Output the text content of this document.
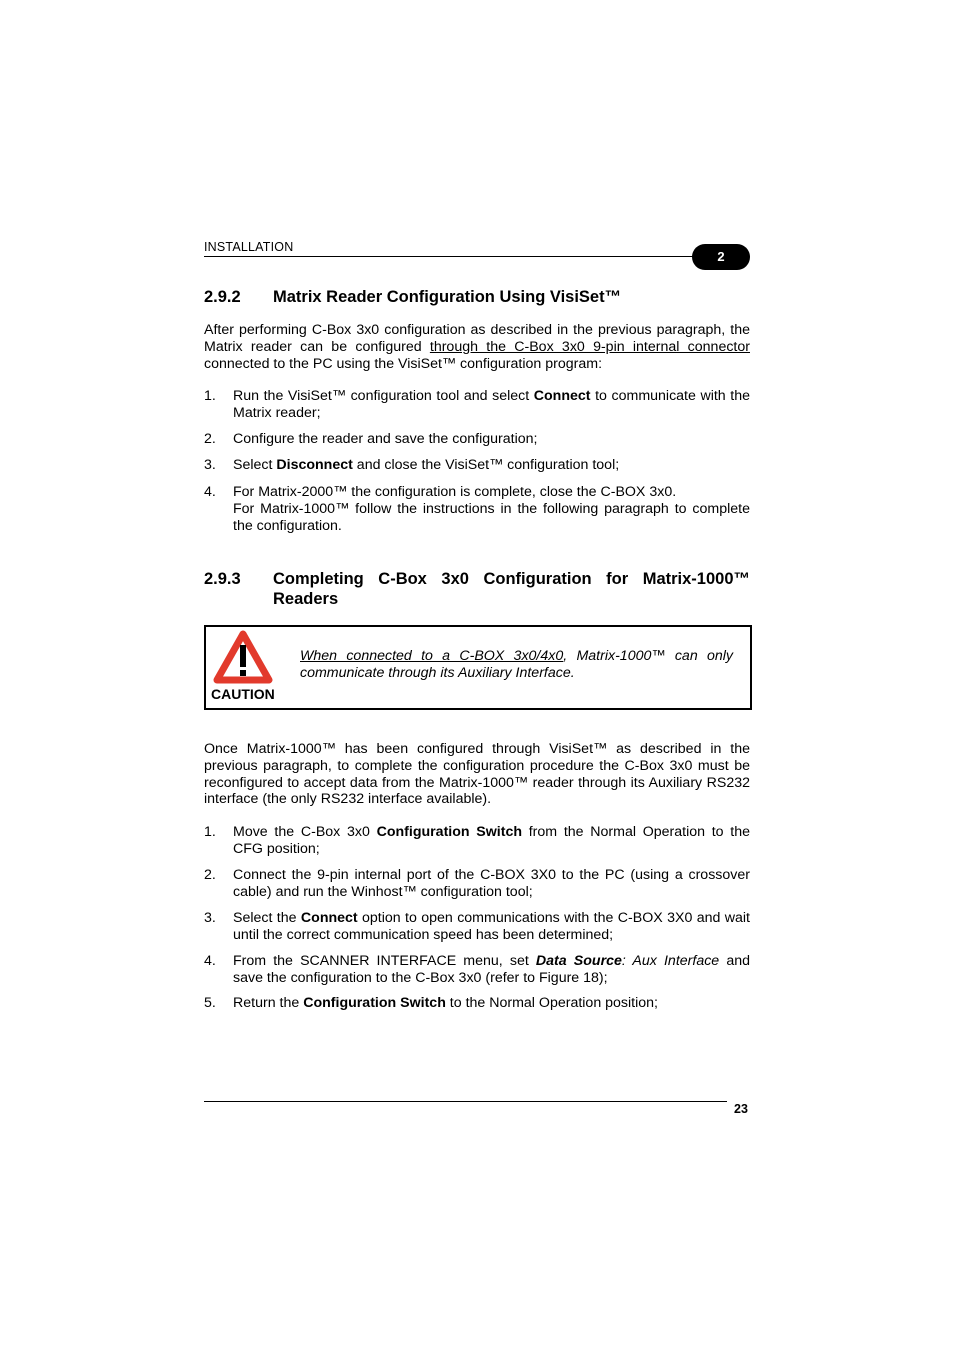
INSTALLATION
2
2.9.2 Matrix Reader Configuration Using VisiSet™
After performing C-Box 3x0 configuration as described in the previous paragraph, the Matrix reader can be configured through the C-Box 3x0 9-pin internal connector connected to the PC using the VisiSet™ configuration program:
1. Run the VisiSet™ configuration tool and select Connect to communicate with the Matrix reader;
2. Configure the reader and save the configuration;
3. Select Disconnect and close the VisiSet™ configuration tool;
4. For Matrix-2000™ the configuration is complete, close the C-BOX 3x0.
For Matrix-1000™ follow the instructions in the following paragraph to complete the configuration.
2.9.3 Completing C-Box 3x0 Configuration for Matrix-1000™ Readers
CAUTION
When connected to a C-BOX 3x0/4x0, Matrix-1000™ can only communicate through its Auxiliary Interface.
Once Matrix-1000™ has been configured through VisiSet™ as described in the previous paragraph, to complete the configuration procedure the C-Box 3x0 must be reconfigured to accept data from the Matrix-1000™ reader through its Auxiliary RS232 interface (the only RS232 interface available).
1. Move the C-Box 3x0 Configuration Switch from the Normal Operation to the CFG position;
2. Connect the 9-pin internal port of the C-BOX 3X0 to the PC (using a crossover cable) and run the Winhost™ configuration tool;
3. Select the Connect option to open communications with the C-BOX 3X0 and wait until the correct communication speed has been determined;
4. From the SCANNER INTERFACE menu, set Data Source: Aux Interface and save the configuration to the C-Box 3x0 (refer to Figure 18);
5. Return the Configuration Switch to the Normal Operation position;
23
